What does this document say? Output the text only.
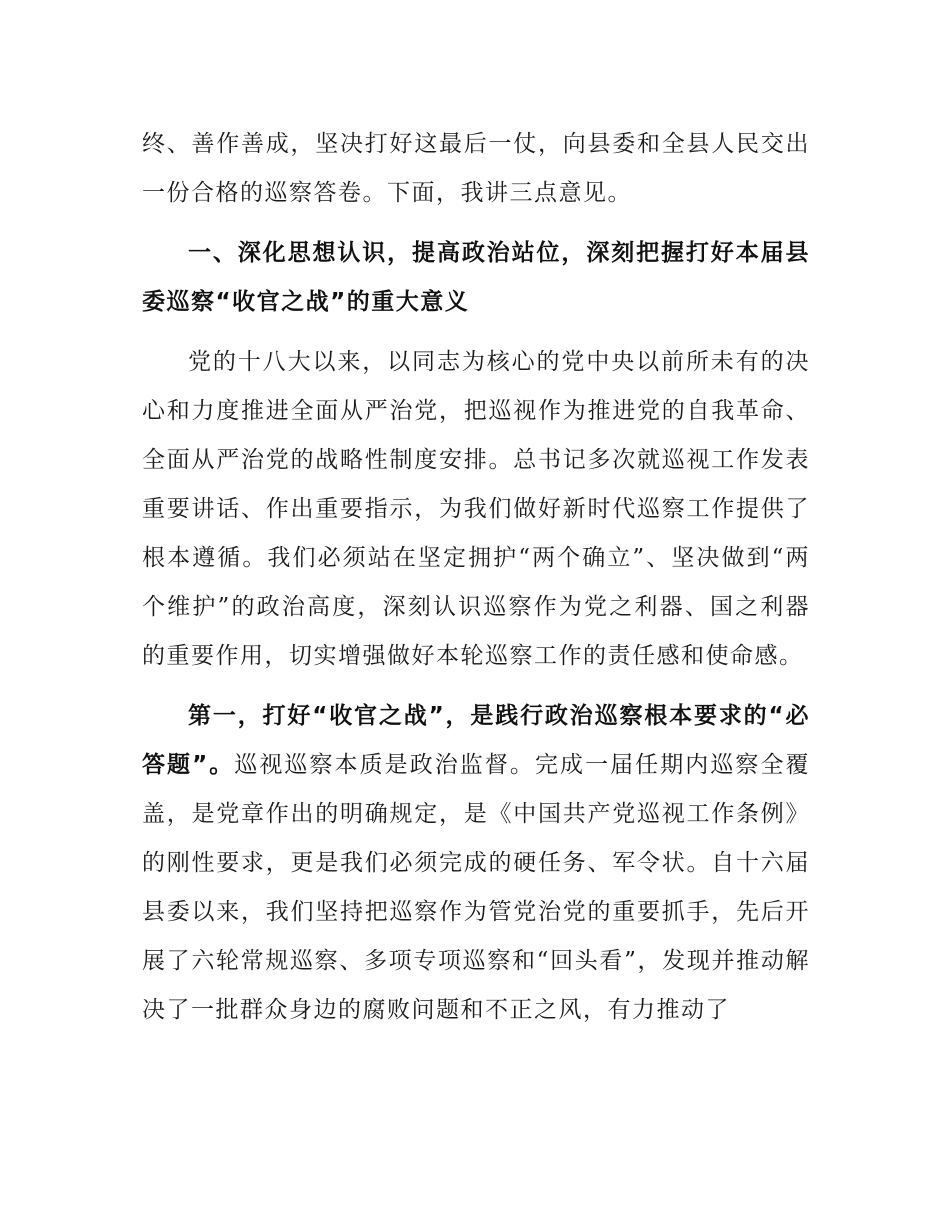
终、善作善成，坚决打好这最后一仗，向县委和全县人民交出一份合格的巡察答卷。下面，我讲三点意见。

一、深化思想认识，提高政治站位，深刻把握打好本届县委巡察“收官之战”的重大意义

党的十八大以来，以同志为核心的党中央以前所未有的决心和力度推进全面从严治党，把巡视作为推进党的自我革命、全面从严治党的战略性制度安排。总书记多次就巡视工作发表重要讲话、作出重要指示，为我们做好新时代巡察工作提供了根本遵循。我们必须站在坚定拥护“两个确立”、坚决做到“两个维护”的政治高度，深刻认识巡察作为党之利器、国之利器的重要作用，切实增强做好本轮巡察工作的责任感和使命感。

第一，打好“收官之战”，是践行政治巡察根本要求的“必答题”。巡视巡察本质是政治监督。完成一届任期内巡察全覆盖，是党章作出的明确规定，是《中国共产党巡视工作条例》的刚性要求，更是我们必须完成的硬任务、军令状。自十六届县委以来，我们坚持把巡察作为管党治党的重要抓手，先后开展了六轮常规巡察、多项专项巡察和“回头看”，发现并推动解决了一批群众身边的腐败问题和不正之风，有力推动了
